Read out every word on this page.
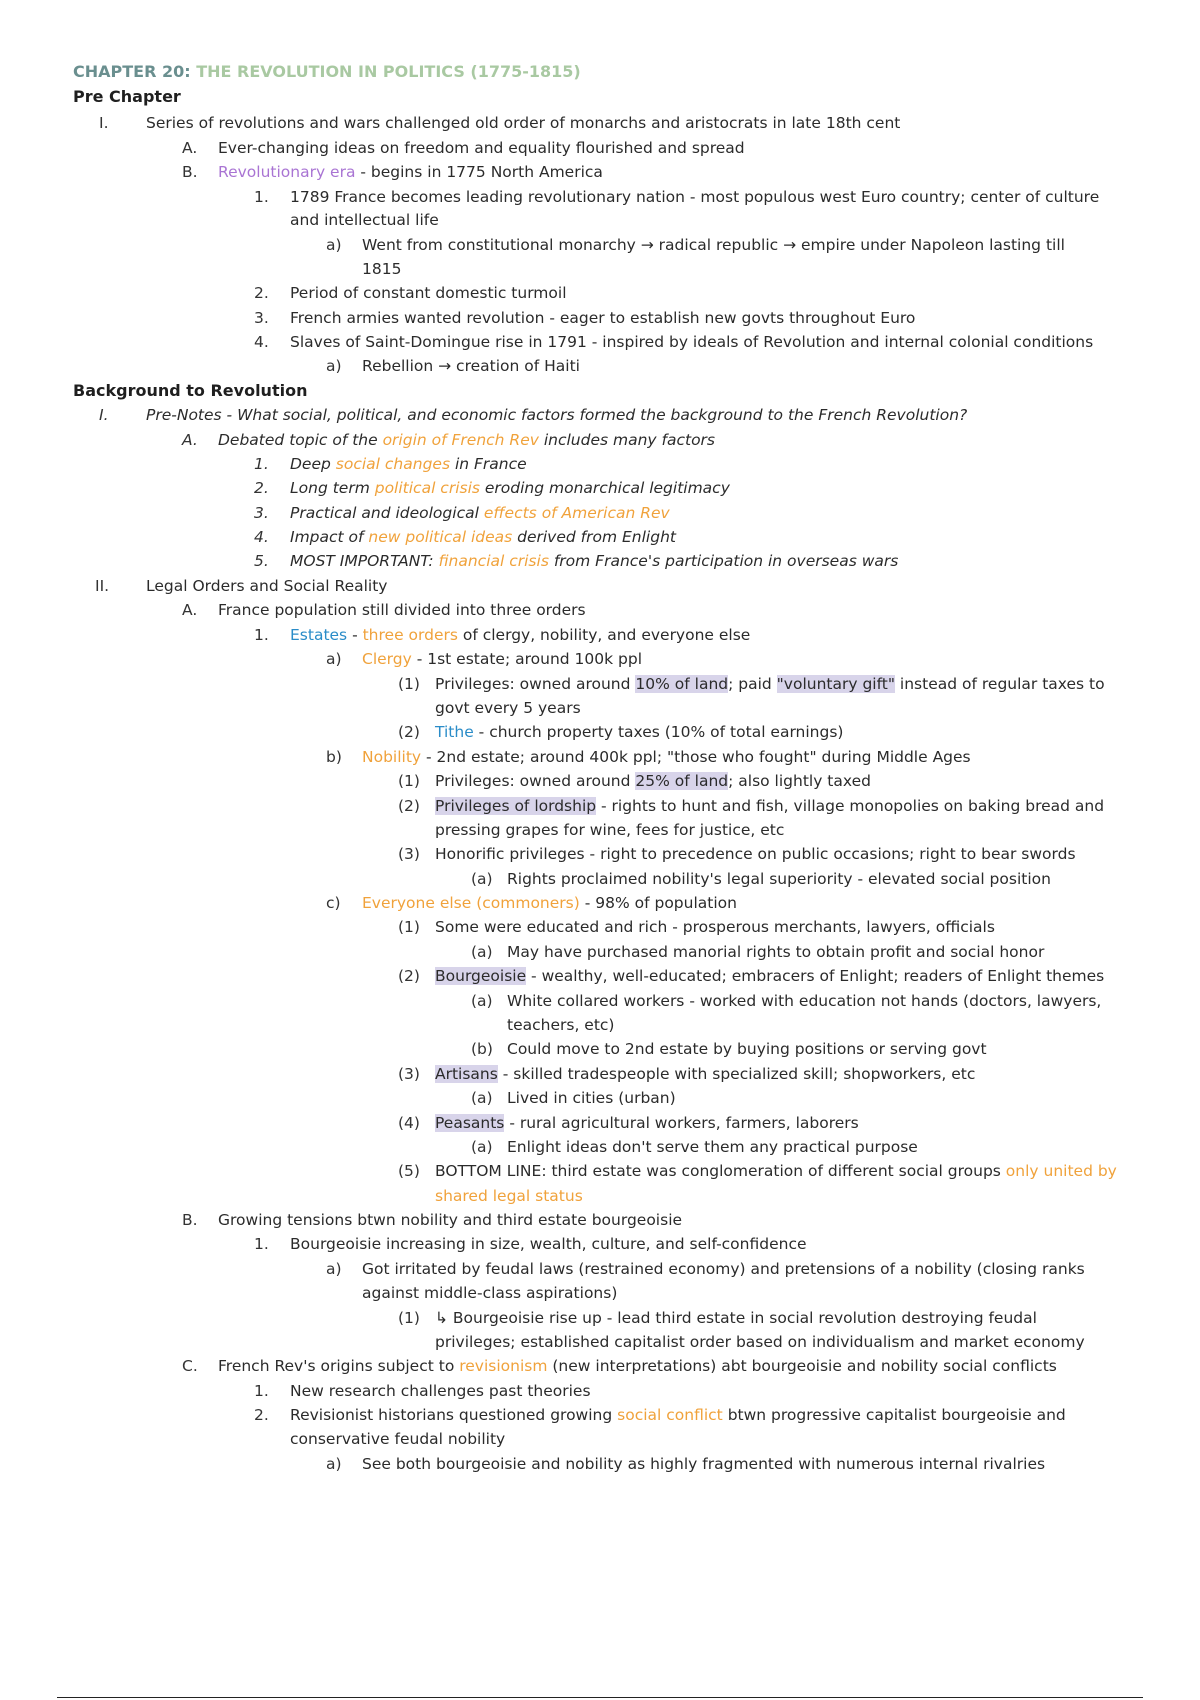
CHAPTER 20: THE REVOLUTION IN POLITICS (1775-1815)
Pre Chapter
Background to Revolution
I. Series of revolutions and wars challenged old order of monarchs and aristocrats in late 18th cent
A. Ever-changing ideas on freedom and equality flourished and spread
B. Revolutionary era - begins in 1775 North America
1. 1789 France becomes leading revolutionary nation - most populous west Euro country; center of culture
and intellectual life
a) Went from constitutional monarchy → radical republic → empire under Napoleon lasting till
1815
2. Period of constant domestic turmoil
3. French armies wanted revolution - eager to establish new govts throughout Euro
4. Slaves of Saint-Domingue rise in 1791 - inspired by ideals of Revolution and internal colonial conditions
a) Rebellion → creation of Haiti
I. Pre-Notes - What social, political, and economic factors formed the background to the French Revolution?
A. Debated topic of the origin of French Rev includes many factors
1. Deep social changes in France
2. Long term political crisis eroding monarchical legitimacy
3. Practical and ideological effects of American Rev
4. Impact of new political ideas derived from Enlight
5. MOST IMPORTANT: financial crisis from France's participation in overseas wars
II. Legal Orders and Social Reality
A. France population still divided into three orders
1. Estates - three orders of clergy, nobility, and everyone else
a) Clergy - 1st estate; around 100k ppl
(1) Privileges: owned around 10% of land; paid "voluntary gift" instead of regular taxes to
govt every 5 years
(2) Tithe - church property taxes (10% of total earnings)
b) Nobility - 2nd estate; around 400k ppl; "those who fought" during Middle Ages
(1) Privileges: owned around 25% of land; also lightly taxed
(2) Privileges of lordship - rights to hunt and fish, village monopolies on baking bread and
pressing grapes for wine, fees for justice, etc
(3) Honorific privileges - right to precedence on public occasions; right to bear swords
(a) Rights proclaimed nobility's legal superiority - elevated social position
c) Everyone else (commoners) - 98% of population
(1) Some were educated and rich - prosperous merchants, lawyers, officials
(a) May have purchased manorial rights to obtain profit and social honor
(2) Bourgeoisie - wealthy, well-educated; embracers of Enlight; readers of Enlight themes
(a) White collared workers - worked with education not hands (doctors, lawyers,
teachers, etc)
(b) Could move to 2nd estate by buying positions or serving govt
(3) Artisans - skilled tradespeople with specialized skill; shopworkers, etc
(a) Lived in cities (urban)
(4) Peasants - rural agricultural workers, farmers, laborers
(a) Enlight ideas don't serve them any practical purpose
(5) BOTTOM LINE: third estate was conglomeration of different social groups only united by
shared legal status
B. Growing tensions btwn nobility and third estate bourgeoisie
1. Bourgeoisie increasing in size, wealth, culture, and self-confidence
a) Got irritated by feudal laws (restrained economy) and pretensions of a nobility (closing ranks
against middle-class aspirations)
(1) ↳ Bourgeoisie rise up - lead third estate in social revolution destroying feudal
privileges; established capitalist order based on individualism and market economy
C. French Rev's origins subject to revisionism (new interpretations) abt bourgeoisie and nobility social conflicts
1. New research challenges past theories
2. Revisionist historians questioned growing social conflict btwn progressive capitalist bourgeoisie and
conservative feudal nobility
a) See both bourgeoisie and nobility as highly fragmented with numerous internal rivalries
